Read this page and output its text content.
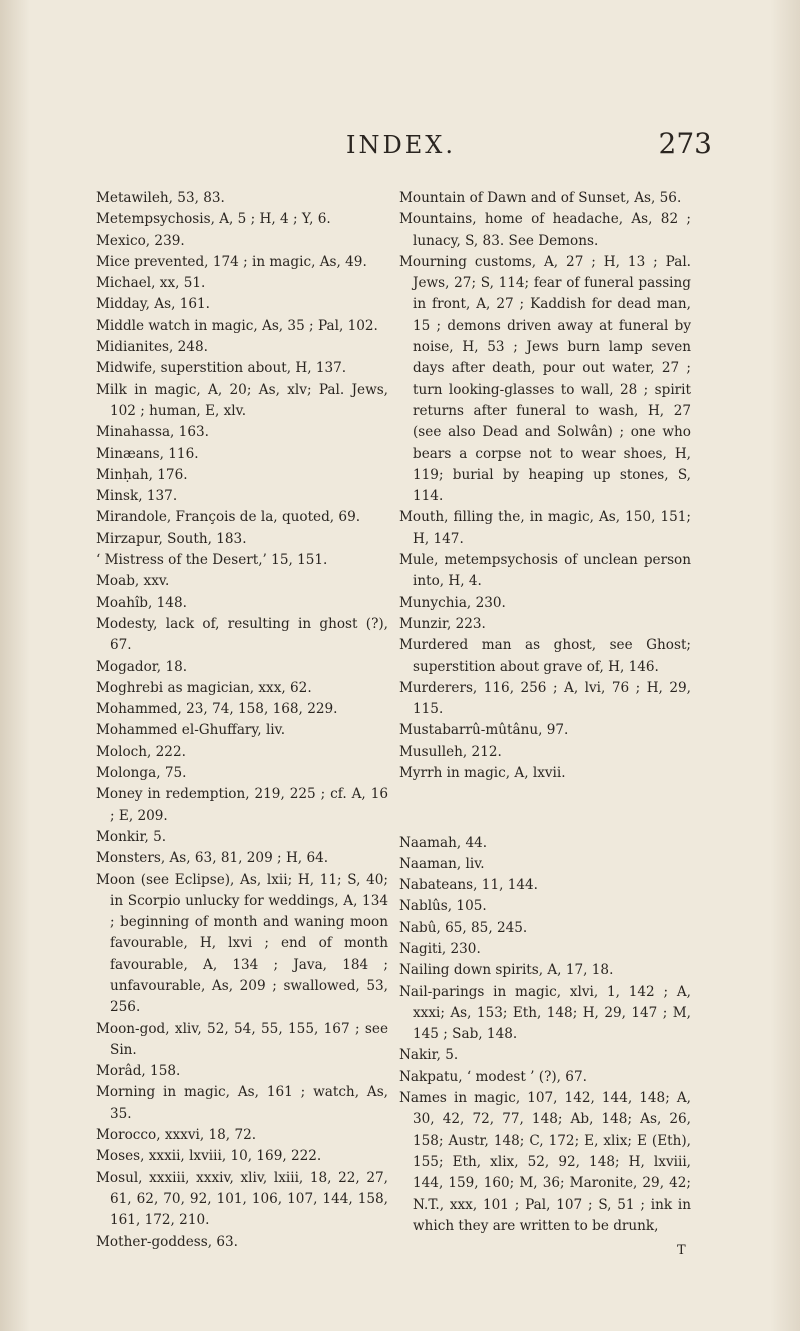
INDEX.	273

Metawileh, 53, 83.

Metempsychosis, A, 5 ; H, 4 ; Y, 6.

Mexico, 239.

Mice prevented, 174 ; in magic, As, 49.

Michael, xx, 51.

Midday, As, 161.

Middle watch in magic, As, 35 ; Pal, 102.

Midianites, 248.

Midwife, superstition about, H, 137.

Milk in magic, A, 20; As, xlv; Pal. Jews, 102 ; human, E, xlv.

Minahassa, 163.

Minæans, 116.

Minḥah, 176.

Minsk, 137.

Mirandole, François de la, quoted, 69.

Mirzapur, South, 183.

‘ Mistress of the Desert,’ 15, 151.

Moab, xxv.

Moahîb, 148.

Modesty, lack of, resulting in ghost (?), 67.

Mogador, 18.

Moghrebi as magician, xxx, 62.

Mohammed, 23, 74, 158, 168, 229.

Mohammed el-Ghuffary, liv.

Moloch, 222.

Molonga, 75.

Money in redemption, 219, 225 ; cf. A, 16 ; E, 209.

Monkir, 5.

Monsters, As, 63, 81, 209 ; H, 64.

Moon (see Eclipse), As, lxii; H, 11; S, 40; in Scorpio unlucky for weddings, A, 134 ; beginning of month and waning moon favourable, H, lxvi ; end of month favourable, A, 134 ; Java, 184 ; unfavourable, As, 209 ; swallowed, 53, 256.

Moon-god, xliv, 52, 54, 55, 155, 167 ; see Sin.

Morâd, 158.

Morning in magic, As, 161 ; watch, As, 35.

Morocco, xxxvi, 18, 72.

Moses, xxxii, lxviii, 10, 169, 222.

Mosul, xxxiii, xxxiv, xliv, lxiii, 18, 22, 27, 61, 62, 70, 92, 101, 106, 107, 144, 158, 161, 172, 210.

Mother-goddess, 63.

Mountain of Dawn and of Sunset, As, 56.

Mountains, home of headache, As, 82 ; lunacy, S, 83. See Demons.

Mourning customs, A, 27 ; H, 13 ; Pal. Jews, 27; S, 114; fear of funeral passing in front, A, 27 ; Kaddish for dead man, 15 ; demons driven away at funeral by noise, H, 53 ; Jews burn lamp seven days after death, pour out water, 27 ; turn looking-glasses to wall, 28 ; spirit returns after funeral to wash, H, 27 (see also Dead and Solwân) ; one who bears a corpse not to wear shoes, H, 119; burial by heaping up stones, S, 114.

Mouth, filling the, in magic, As, 150, 151; H, 147.

Mule, metempsychosis of unclean person into, H, 4.

Munychia, 230.

Munzir, 223.

Murdered man as ghost, see Ghost; superstition about grave of, H, 146.

Murderers, 116, 256 ; A, lvi, 76 ; H, 29, 115.

Mustabarrû-mûtânu, 97.

Musulleh, 212.

Myrrh in magic, A, lxvii.

Naamah, 44.

Naaman, liv.

Nabateans, 11, 144.

Nablûs, 105.

Nabû, 65, 85, 245.

Nagiti, 230.

Nailing down spirits, A, 17, 18.

Nail-parings in magic, xlvi, 1, 142 ; A, xxxi; As, 153; Eth, 148; H, 29, 147 ; M, 145 ; Sab, 148.

Nakir, 5.

Nakpatu, ‘ modest ’ (?), 67.

Names in magic, 107, 142, 144, 148; A, 30, 42, 72, 77, 148; Ab, 148; As, 26, 158; Austr, 148; C, 172; E, xlix; E (Eth), 155; Eth, xlix, 52, 92, 148; H, lxviii, 144, 159, 160; M, 36; Maronite, 29, 42; N.T., xxx, 101 ; Pal, 107 ; S, 51 ; ink in which they are written to be drunk,

T
